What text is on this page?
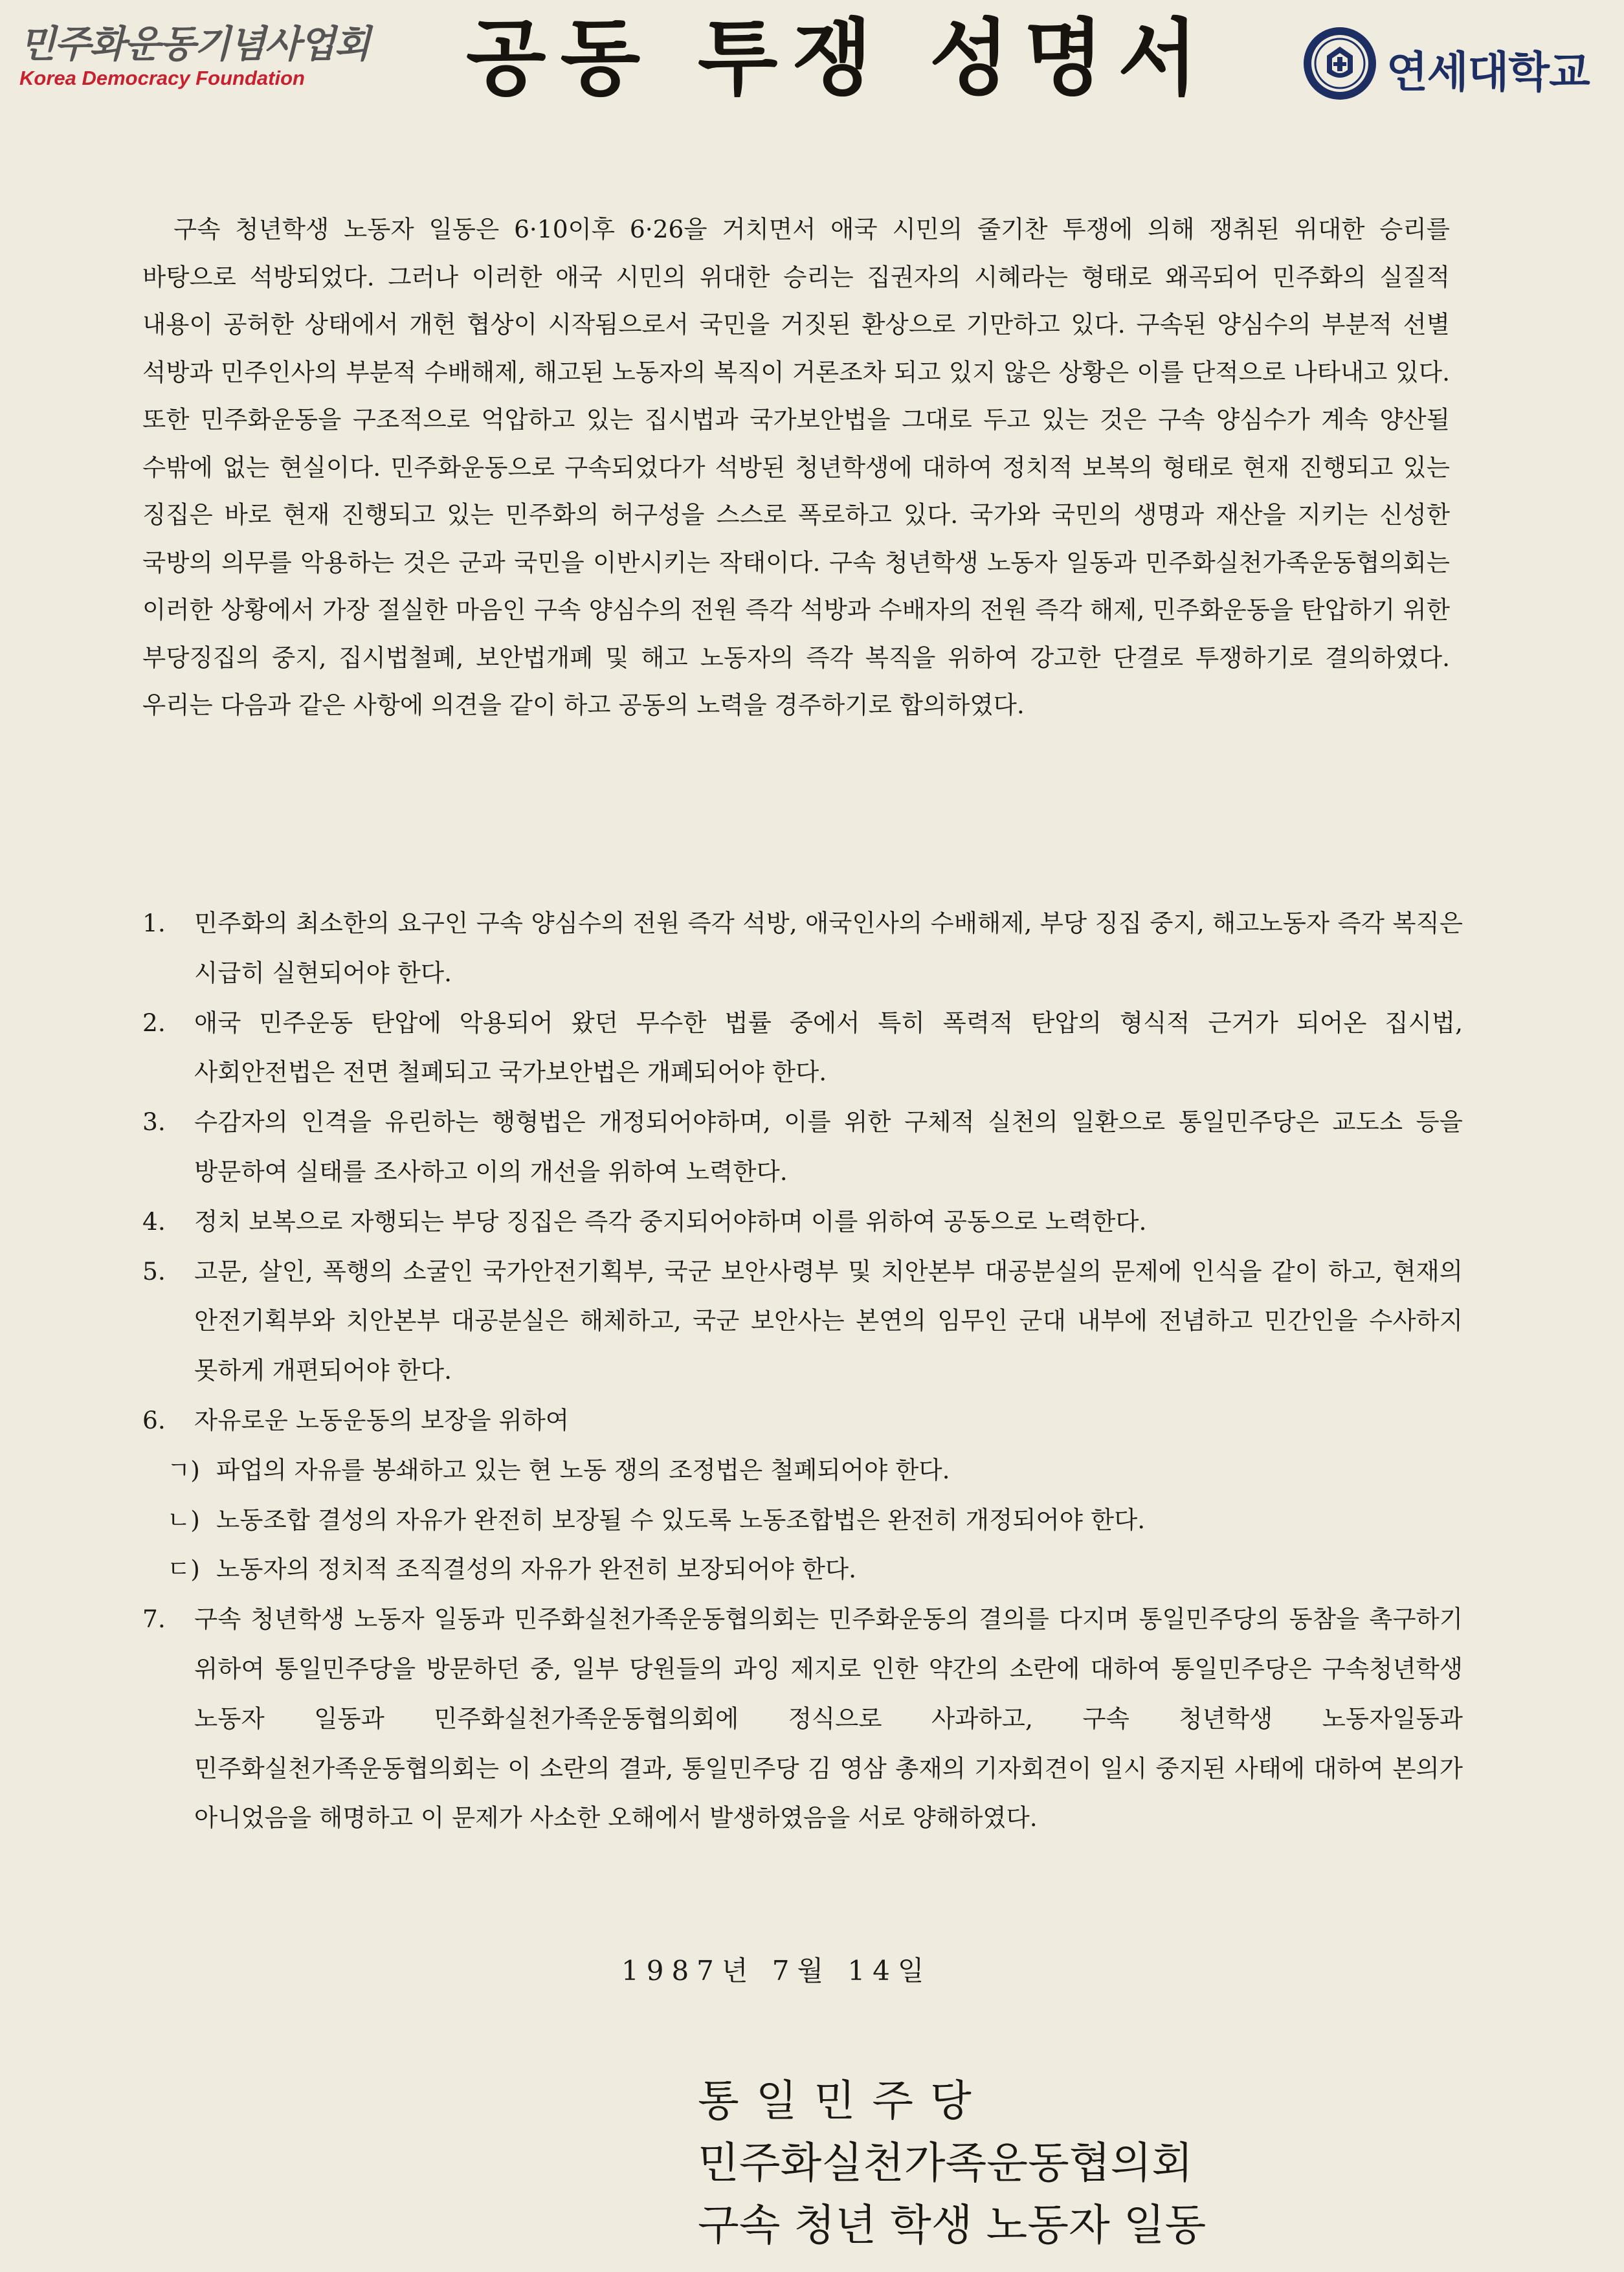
민주화운동기념사업회
Korea Democracy Foundation	공동 투쟁 성명서	연세대학교

구속 청년학생 노동자 일동은 6·10이후 6·26을 거치면서 애국 시민의 줄기찬 투쟁에 의해 쟁취된 위대한 승리를 바탕으로 석방되었다. 그러나 이러한 애국 시민의 위대한 승리는 집권자의 시혜라는 형태로 왜곡되어 민주화의 실질적 내용이 공허한 상태에서 개헌 협상이 시작됨으로서 국민을 거짓된 환상으로 기만하고 있다. 구속된 양심수의 부분적 선별 석방과 민주인사의 부분적 수배해제, 해고된 노동자의 복직이 거론조차 되고 있지 않은 상황은 이를 단적으로 나타내고 있다. 또한 민주화운동을 구조적으로 억압하고 있는 집시법과 국가보안법을 그대로 두고 있는 것은 구속 양심수가 계속 양산될 수밖에 없는 현실이다. 민주화운동으로 구속되었다가 석방된 청년학생에 대하여 정치적 보복의 형태로 현재 진행되고 있는 징집은 바로 현재 진행되고 있는 민주화의 허구성을 스스로 폭로하고 있다. 국가와 국민의 생명과 재산을 지키는 신성한 국방의 의무를 악용하는 것은 군과 국민을 이반시키는 작태이다. 구속 청년학생 노동자 일동과 민주화실천가족운동협의회는 이러한 상황에서 가장 절실한 마음인 구속 양심수의 전원 즉각 석방과 수배자의 전원 즉각 해제, 민주화운동을 탄압하기 위한 부당징집의 중지, 집시법철폐, 보안법개폐 및 해고 노동자의 즉각 복직을 위하여 강고한 단결로 투쟁하기로 결의하였다. 우리는 다음과 같은 사항에 의견을 같이 하고 공동의 노력을 경주하기로 합의하였다.

1.	민주화의 최소한의 요구인 구속 양심수의 전원 즉각 석방, 애국인사의 수배해제, 부당 징집 중지, 해고노동자 즉각 복직은 시급히 실현되어야 한다.
2.	애국 민주운동 탄압에 악용되어 왔던 무수한 법률 중에서 특히 폭력적 탄압의 형식적 근거가 되어온 집시법, 사회안전법은 전면 철폐되고 국가보안법은 개폐되어야 한다.
3.	수감자의 인격을 유린하는 행형법은 개정되어야하며, 이를 위한 구체적 실천의 일환으로 통일민주당은 교도소 등을 방문하여 실태를 조사하고 이의 개선을 위하여 노력한다.
4.	정치 보복으로 자행되는 부당 징집은 즉각 중지되어야하며 이를 위하여 공동으로 노력한다.
5.	고문, 살인, 폭행의 소굴인 국가안전기획부, 국군 보안사령부 및 치안본부 대공분실의 문제에 인식을 같이 하고, 현재의 안전기획부와 치안본부 대공분실은 해체하고, 국군 보안사는 본연의 임무인 군대 내부에 전념하고 민간인을 수사하지 못하게 개편되어야 한다.
6.	자유로운 노동운동의 보장을 위하여
ㄱ) 파업의 자유를 봉쇄하고 있는 현 노동 쟁의 조정법은 철폐되어야 한다.
ㄴ) 노동조합 결성의 자유가 완전히 보장될 수 있도록 노동조합법은 완전히 개정되어야 한다.
ㄷ) 노동자의 정치적 조직결성의 자유가 완전히 보장되어야 한다.
7.	구속 청년학생 노동자 일동과 민주화실천가족운동협의회는 민주화운동의 결의를 다지며 통일민주당의 동참을 촉구하기 위하여 통일민주당을 방문하던 중, 일부 당원들의 과잉 제지로 인한 약간의 소란에 대하여 통일민주당은 구속청년학생 노동자 일동과 민주화실천가족운동협의회에 정식으로 사과하고, 구속 청년학생 노동자일동과 민주화실천가족운동협의회는 이 소란의 결과, 통일민주당 김 영삼 총재의 기자회견이 일시 중지된 사태에 대하여 본의가 아니었음을 해명하고 이 문제가 사소한 오해에서 발생하였음을 서로 양해하였다.
1987년 7월 14일
통일민주당
민주화실천가족운동협의회
구속 청년 학생 노동자 일동
